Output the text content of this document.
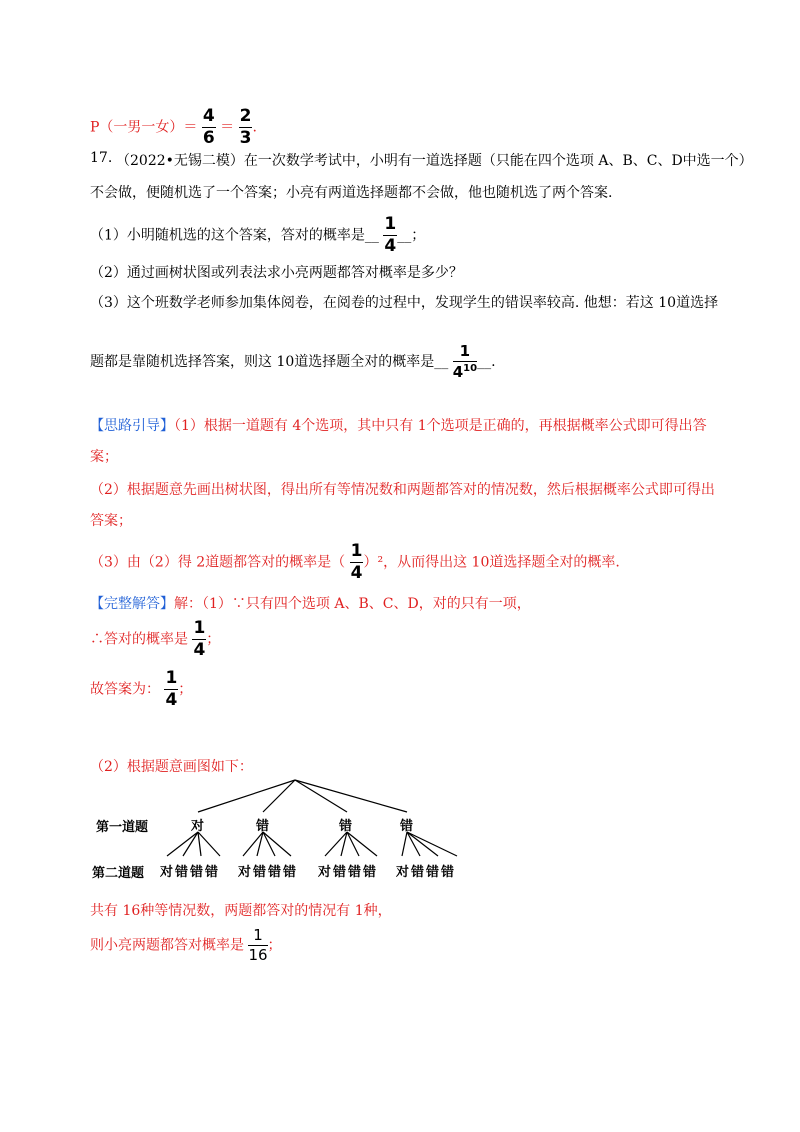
P（一男一女）＝ $\frac{4}{6} = \frac{2}{3}$ .
17. （2022•无锡二模）在一次数学考试中，小明有一道选择题（只能在四个选项 A、B、C、D中选一个）
不会做，便随机选了一个答案；小亮有两道选择题都不会做，他也随机选了两个答案.
（1）小明随机选的这个答案，答对的概率是__ $\frac{1}{4}$ __；
（2）通过画树状图或列表法求小亮两题都答对概率是多少？
（3）这个班数学老师参加集体阅卷，在阅卷的过程中，发现学生的错误率较高. 他想：若这 10道选择
题都是靠随机选择答案，则这 10道选择题全对的概率是__ $\frac{1}{4^{10}}$ __.
【思路引导】（1）根据一道题有 4个选项，其中只有 1个选项是正确的，再根据概率公式即可得出答
案；
（2）根据题意先画出树状图，得出所有等情况数和两题都答对的情况数，然后根据概率公式即可得出
答案；
（3）由（2）得 2道题都答对的概率是（ $\frac{1}{4} )^2$，从而得出这 10道选择题全对的概率.
【完整解答】解：（1）∵只有四个选项 A、B、C、D，对的只有一项，
∴答对的概率是 $\frac{1}{4}$ ；
故答案为： $\frac{1}{4}$ ；
（2）根据题意画图如下：
第一道题	对	错	错	错
第二道题 对错错错 对错错错 对错错错 对错错错
共有 16种等情况数，两题都答对的情况有 1种，
则小亮两题都答对概率是 $\frac{1}{16}$ ；
